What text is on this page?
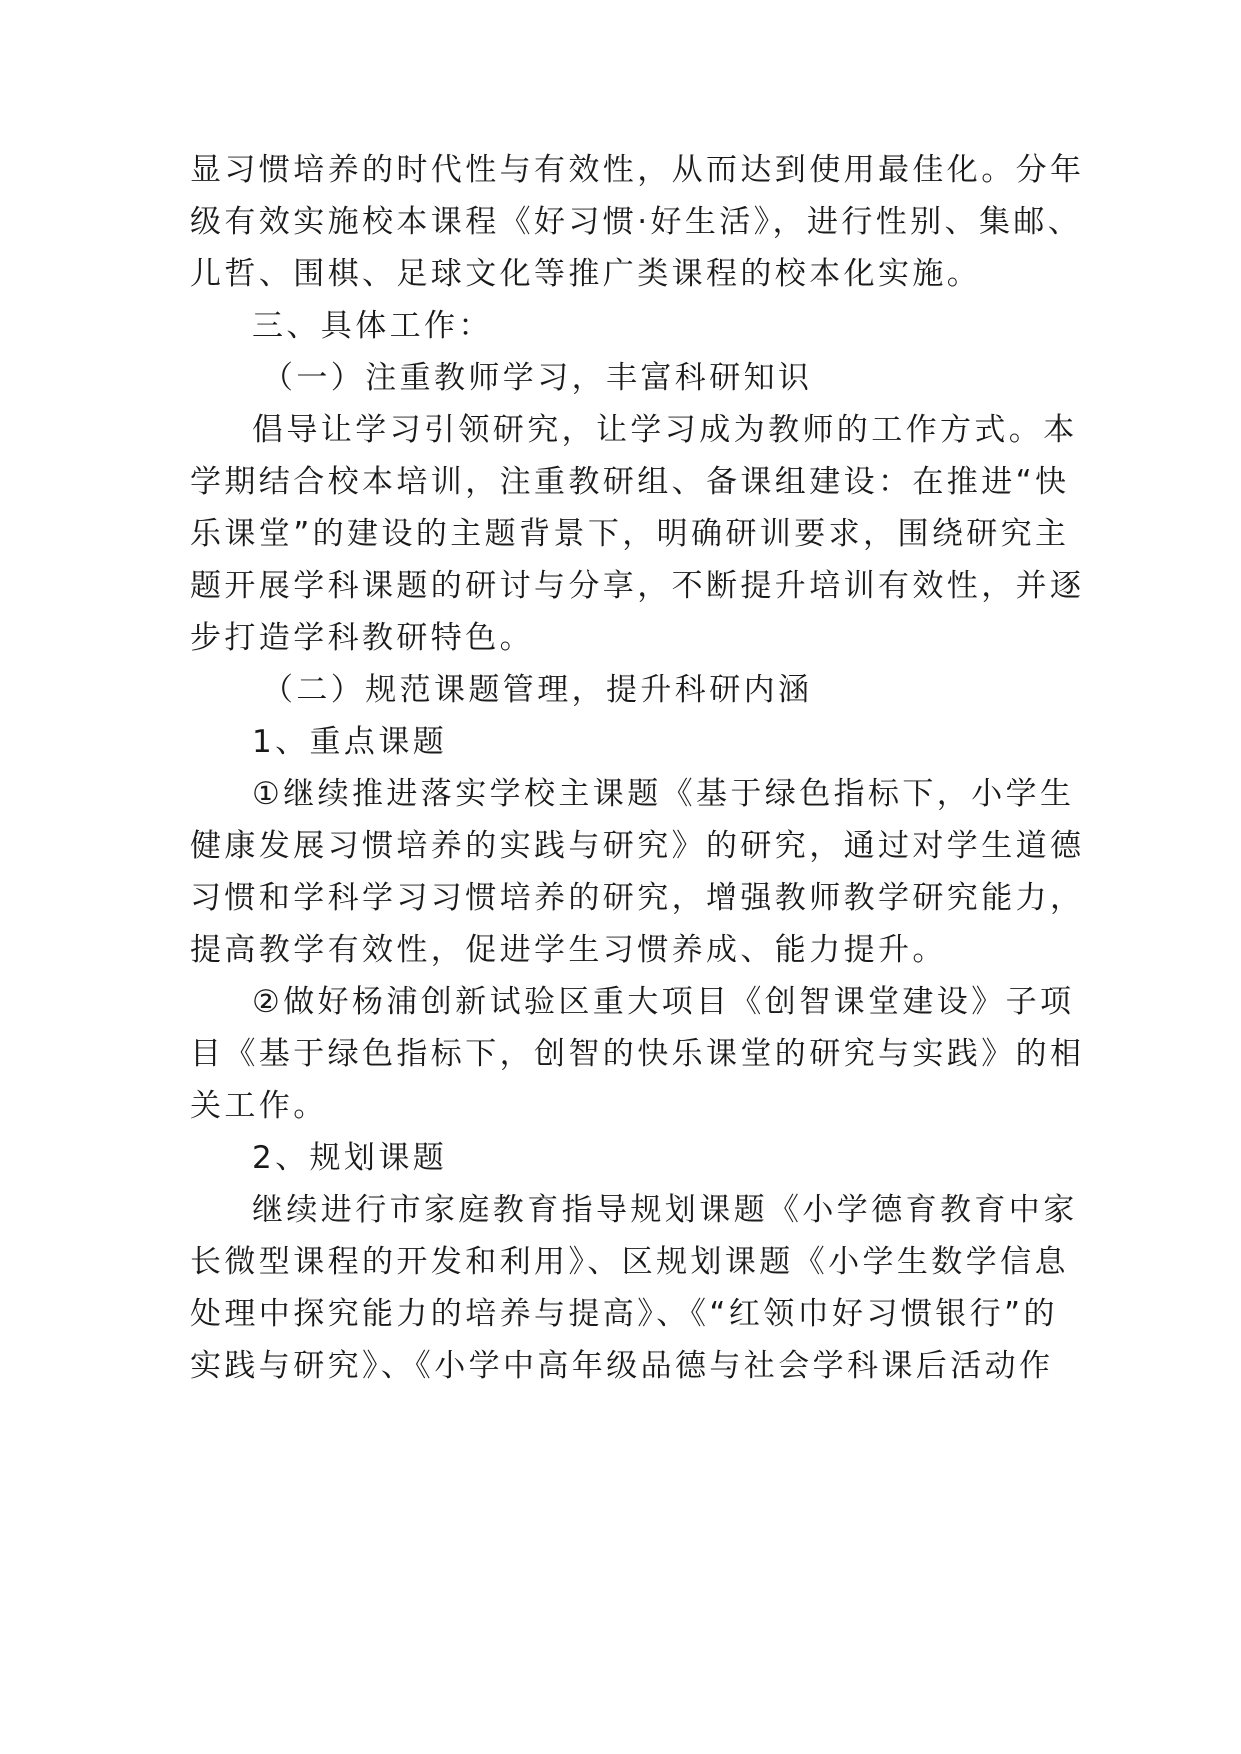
显习惯培养的时代性与有效性，从而达到使用最佳化。分年
级有效实施校本课程《好习惯·好生活》，进行性别、集邮、
儿哲、围棋、足球文化等推广类课程的校本化实施。
三、具体工作：
（一）注重教师学习，丰富科研知识
倡导让学习引领研究，让学习成为教师的工作方式。本
学期结合校本培训，注重教研组、备课组建设：在推进“快
乐课堂”的建设的主题背景下，明确研训要求，围绕研究主
题开展学科课题的研讨与分享，不断提升培训有效性，并逐
步打造学科教研特色。
（二）规范课题管理，提升科研内涵
1、重点课题
①继续推进落实学校主课题《基于绿色指标下，小学生
健康发展习惯培养的实践与研究》的研究，通过对学生道德
习惯和学科学习习惯培养的研究，增强教师教学研究能力，
提高教学有效性，促进学生习惯养成、能力提升。
②做好杨浦创新试验区重大项目《创智课堂建设》子项
目《基于绿色指标下，创智的快乐课堂的研究与实践》的相
关工作。
2、规划课题
继续进行市家庭教育指导规划课题《小学德育教育中家
长微型课程的开发和利用》、区规划课题《小学生数学信息
处理中探究能力的培养与提高》、《“红领巾好习惯银行”的
实践与研究》、《小学中高年级品德与社会学科课后活动作
